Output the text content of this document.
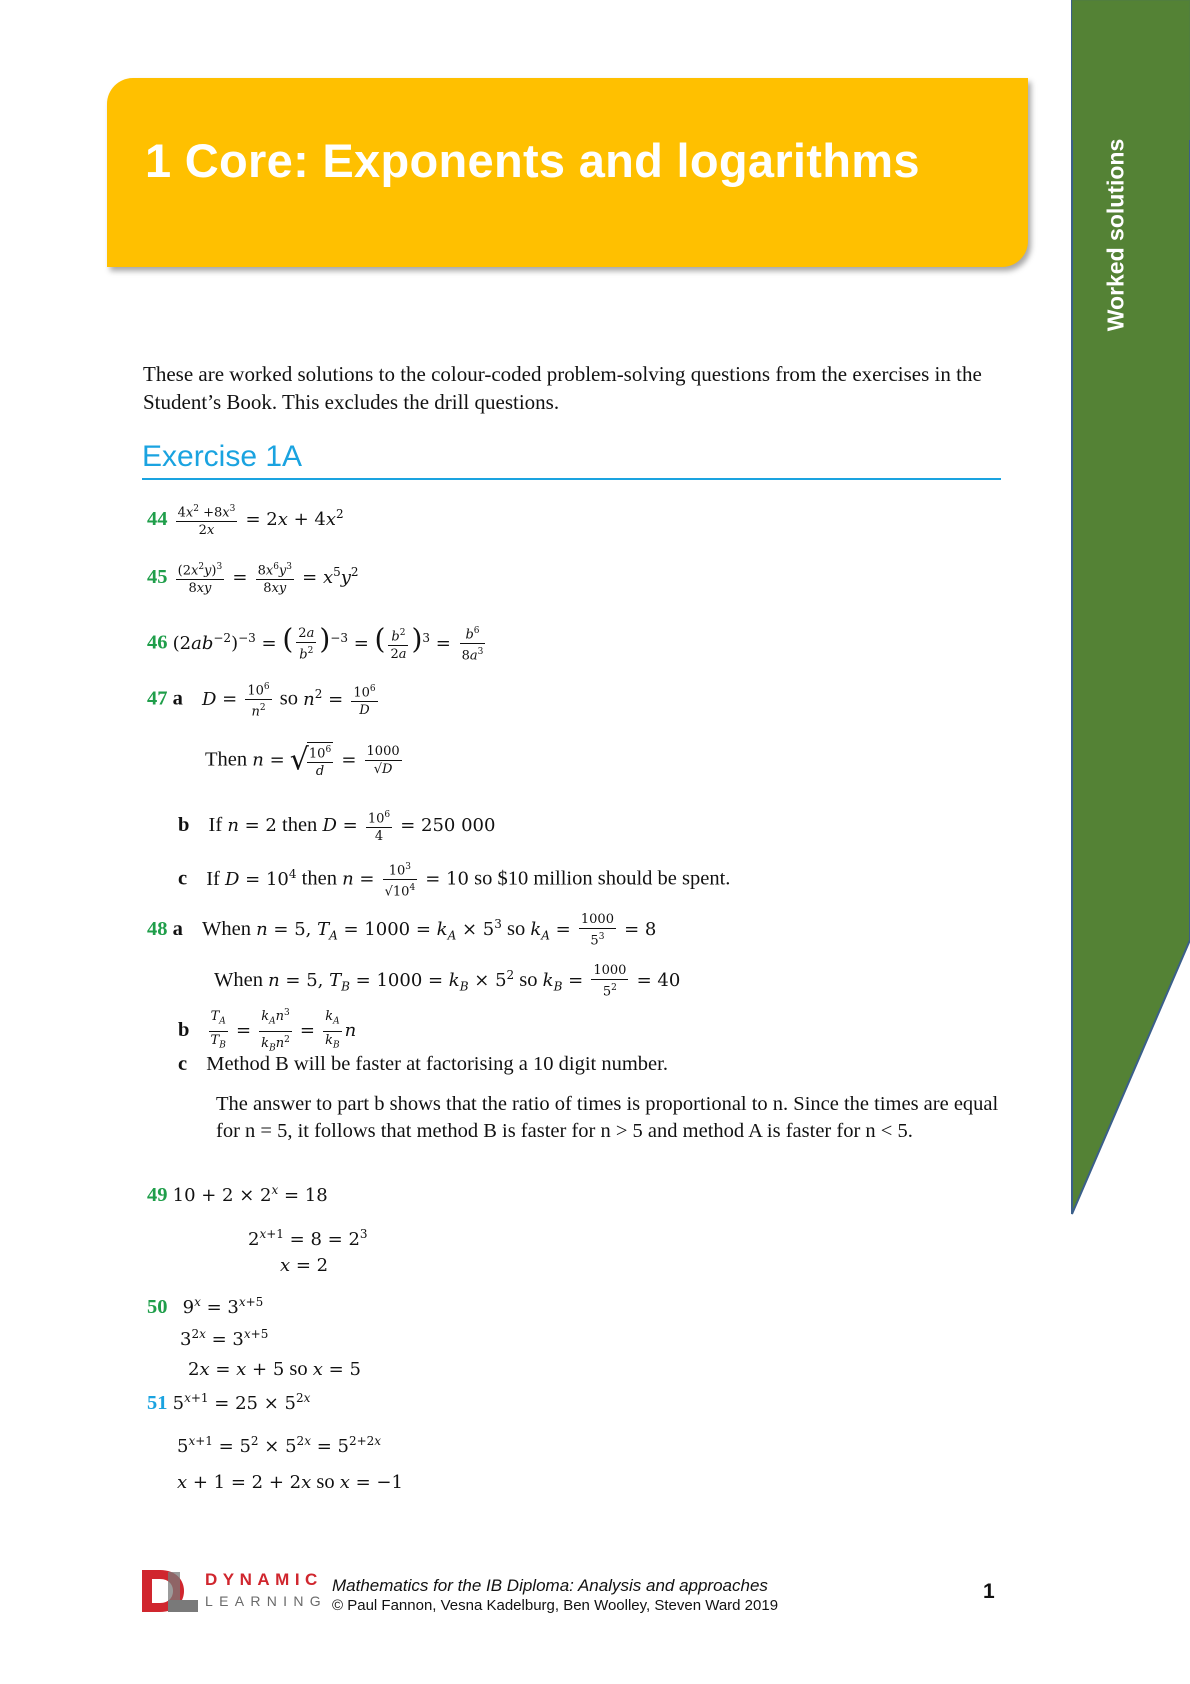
Worked solutions
1 Core: Exponents and logarithms
These are worked solutions to the colour-coded problem-solving questions from the exercises in the Student’s Book. This excludes the drill questions.
Exercise 1A
$44 \frac{4x^2 +8x^3}{2x} = 2x + 4x^2$
$45 \frac{(2x^2y)^3}{8xy} = \frac{8x^6y^3}{8xy} = x^5y^2$
46 $(2ab^{-2})^{-3}$ = ( $\frac{2a}{b^2} )^{-3}$ = ( $\frac{b^2}{2a} )^3 = \frac{b^6}{8a^3}$
47 a $D = \frac{10^6}{n^2}$ so $n^2 = \frac{10^6}{D}$
Then n = √
$\frac{10^6}{d} = \frac{1000}{√D}$
b If n = 2 then $D = \frac{10^6}{4} = 250$ 000
c If $D = 10^4$ then $n = \frac{10^3}{√10^4} = 10$ so $10 million should be spent.
48 a When n = 5, $T_A = 1000 = k_A \times 5^3$ so $k_A = \frac{1000}{5^3} = 8$
When n = 5, $T_B = 1000 = k_B \times 5^2$ so $k_B = \frac{1000}{5^2} = 40$
b $\frac{T_A}{T_B} = \frac{k_An^3}{k_Bn^2} = \frac{k_A}{k_B}$ n
c Method B will be faster at factorising a 10 digit number.
The answer to part b shows that the ratio of times is proportional to n. Since the times are equal for n = 5, it follows that method B is faster for n > 5 and method A is faster for n < 5.
49 $10 + 2 \times 2^x = 18$
$2^{x+1} = 8 = 2^3$
x = 2
50 $9^x = 3^{x+5}$
$3^{2x} = 3^{x+5}$
2x = x + 5 so x = 5
51 $5^{x+1} = 25 \times 5^{2x}$
$5^{x+1} = 5^2 \times 5^{2x} = 5^{2+2x}$
x + 1 = 2 + 2x so x = −1
DYNAMIC
LEARNING
Mathematics for the IB Diploma: Analysis and approaches
© Paul Fannon, Vesna Kadelburg, Ben Woolley, Steven Ward 2019
1
